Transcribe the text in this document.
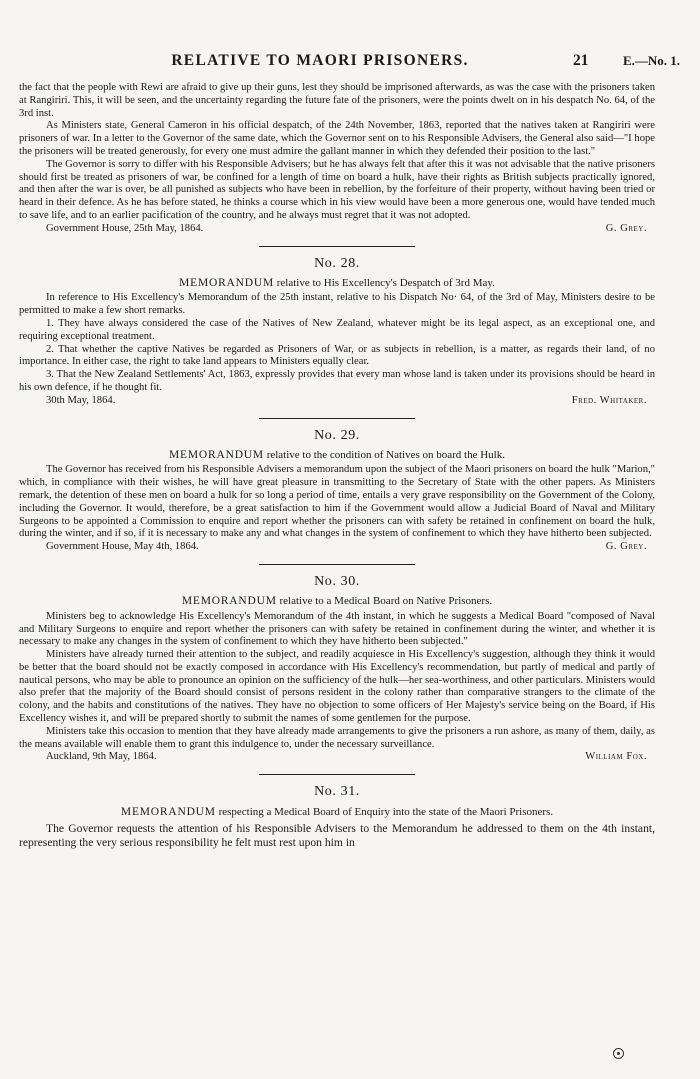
RELATIVE TO MAORI PRISONERS.	21	E.—No. 1.

the fact that the people with Rewi are afraid to give up their guns, lest they should be imprisoned afterwards, as was the case with the prisoners taken at Rangiriri. This, it will be seen, and the uncertainty regarding the future fate of the prisoners, were the points dwelt on in his despatch No. 64, of the 3rd inst.

As Ministers state, General Cameron in his official despatch, of the 24th November, 1863, reported that the natives taken at Rangiriri were prisoners of war. In a letter to the Governor of the same date, which the Governor sent on to his Responsible Advisers, the General also said—"I hope the prisoners will be treated generously, for every one must admire the gallant manner in which they defended their position to the last."

The Governor is sorry to differ with his Responsible Advisers; but he has always felt that after this it was not advisable that the native prisoners should first be treated as prisoners of war, be confined for a length of time on board a hulk, have their rights as British subjects practically ignored, and then after the war is over, be all punished as subjects who have been in rebellion, by the forfeiture of their property, without having been tried or heard in their defence. As he has before stated, he thinks a course which in his view would have been a more generous one, would have tended much to save life, and to an earlier pacification of the country, and he always must regret that it was not adopted.

Government House, 25th May, 1864.	G. Grey.
No. 28.
MEMORANDUM relative to His Excellency's Despatch of 3rd May.

In reference to His Excellency's Memorandum of the 25th instant, relative to his Dispatch No· 64, of the 3rd of May, Ministers desire to be permitted to make a few short remarks.

1. They have always considered the case of the Natives of New Zealand, whatever might be its legal aspect, as an exceptional one, and requiring exceptional treatment.

2. That whether the captive Natives be regarded as Prisoners of War, or as subjects in rebellion, is a matter, as regards their land, of no importance. In either case, the right to take land appears to Ministers equally clear.

3. That the New Zealand Settlements' Act, 1863, expressly provides that every man whose land is taken under its provisions should be heard in his own defence, if he thought fit.

30th May, 1864.	Fred. Whitaker.
No. 29.
MEMORANDUM relative to the condition of Natives on board the Hulk.

The Governor has received from his Responsible Advisers a memorandum upon the subject of the Maori prisoners on board the hulk "Marion," which, in compliance with their wishes, he will have great pleasure in transmitting to the Secretary of State with the other papers. As Ministers remark, the detention of these men on board a hulk for so long a period of time, entails a very grave responsibility on the Government of the Colony, including the Governor. It would, therefore, be a great satisfaction to him if the Government would allow a Judicial Board of Naval and Military Surgeons to be appointed a Commission to enquire and report whether the prisoners can with safety be retained in confinement on board the hulk, during the winter, and if so, if it is necessary to make any and what changes in the system of confinement to which they have hitherto been subjected.

Government House, May 4th, 1864.	G. Grey.
No. 30.
MEMORANDUM relative to a Medical Board on Native Prisoners.

Ministers beg to acknowledge His Excellency's Memorandum of the 4th instant, in which he suggests a Medical Board "composed of Naval and Military Surgeons to enquire and report whether the prisoners can with safety be retained in confinement during the winter, and whether it is necessary to make any changes in the system of confinement to which they have hitherto been subjected."

Ministers have already turned their attention to the subject, and readily acquiesce in His Excellency's suggestion, although they think it would be better that the board should not be exactly composed in accordance with His Excellency's recommendation, but partly of medical and partly of nautical persons, who may be able to pronounce an opinion on the sufficiency of the hulk—her sea-worthiness, and other particulars. Ministers would also prefer that the majority of the Board should consist of persons resident in the colony rather than comparative strangers to the climate of the colony, and the habits and constitutions of the natives. They have no objection to some officers of Her Majesty's service being on the Board, if His Excellency wishes it, and will be prepared shortly to submit the names of some gentlemen for the purpose.

Ministers take this occasion to mention that they have already made arrangements to give the prisoners a run ashore, as many of them, daily, as the means available will enable them to grant this indulgence to, under the necessary surveillance.

Auckland, 9th May, 1864.	William Fox.
No. 31.
MEMORANDUM respecting a Medical Board of Enquiry into the state of the Maori Prisoners.

The Governor requests the attention of his Responsible Advisers to the Memorandum he addressed to them on the 4th instant, representing the very serious responsibility he felt must rest upon him in
